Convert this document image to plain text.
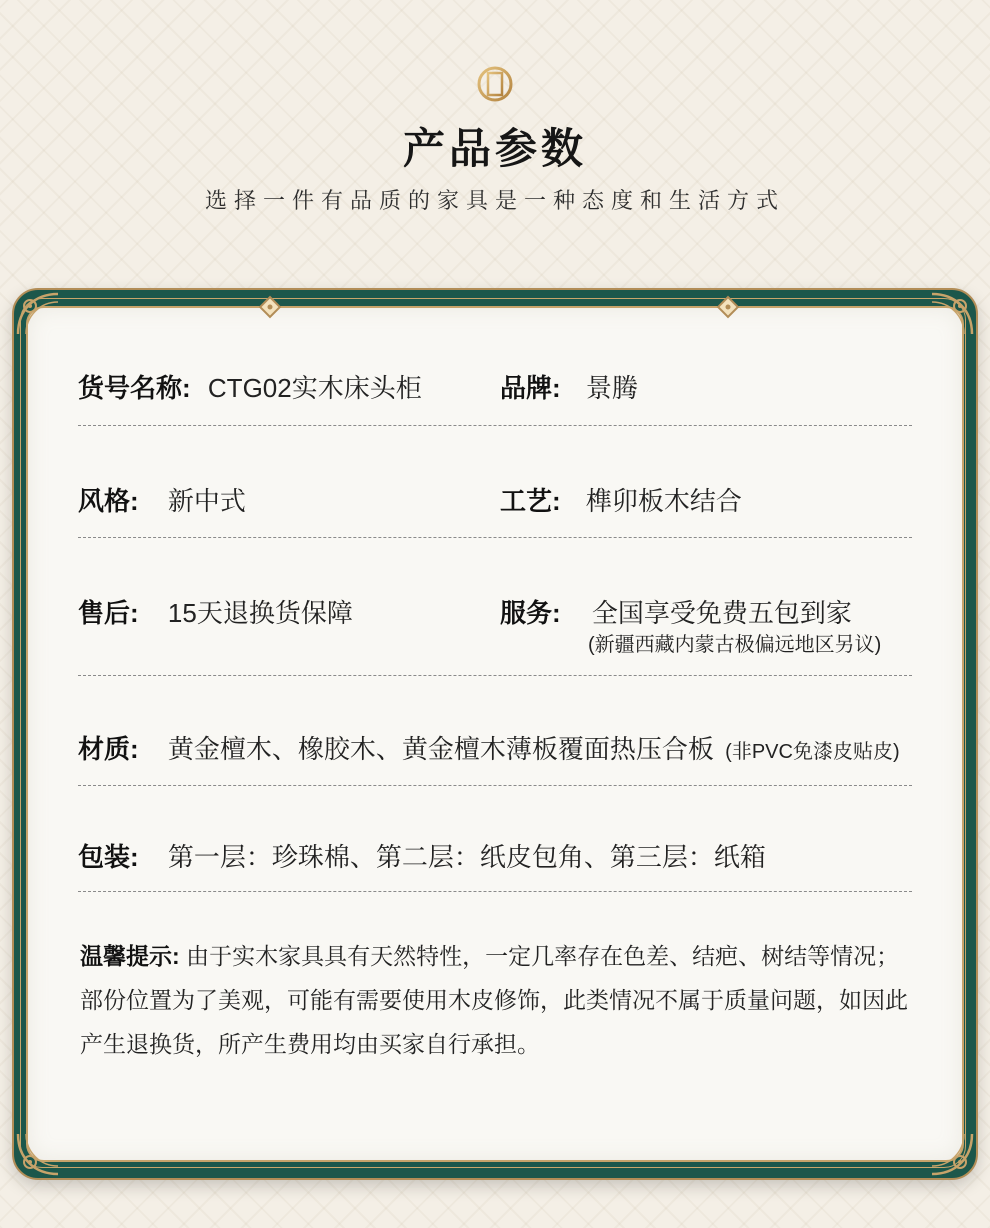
产品参数
选择一件有品质的家具是一种态度和生活方式
货号名称: CTG02实木床头柜	品牌: 景腾
风格: 新中式	工艺: 榫卯板木结合
售后: 15天退换货保障	服务: 全国享受免费五包到家
(新疆西藏内蒙古极偏远地区另议)
材质: 黄金檀木、橡胶木、黄金檀木薄板覆面热压合板 (非PVC免漆皮贴皮)
包装: 第一层：珍珠棉、第二层：纸皮包角、第三层：纸箱
温馨提示: 由于实木家具具有天然特性，一定几率存在色差、结疤、树结等情况；部份位置为了美观，可能有需要使用木皮修饰，此类情况不属于质量问题，如因此产生退换货，所产生费用均由买家自行承担。
